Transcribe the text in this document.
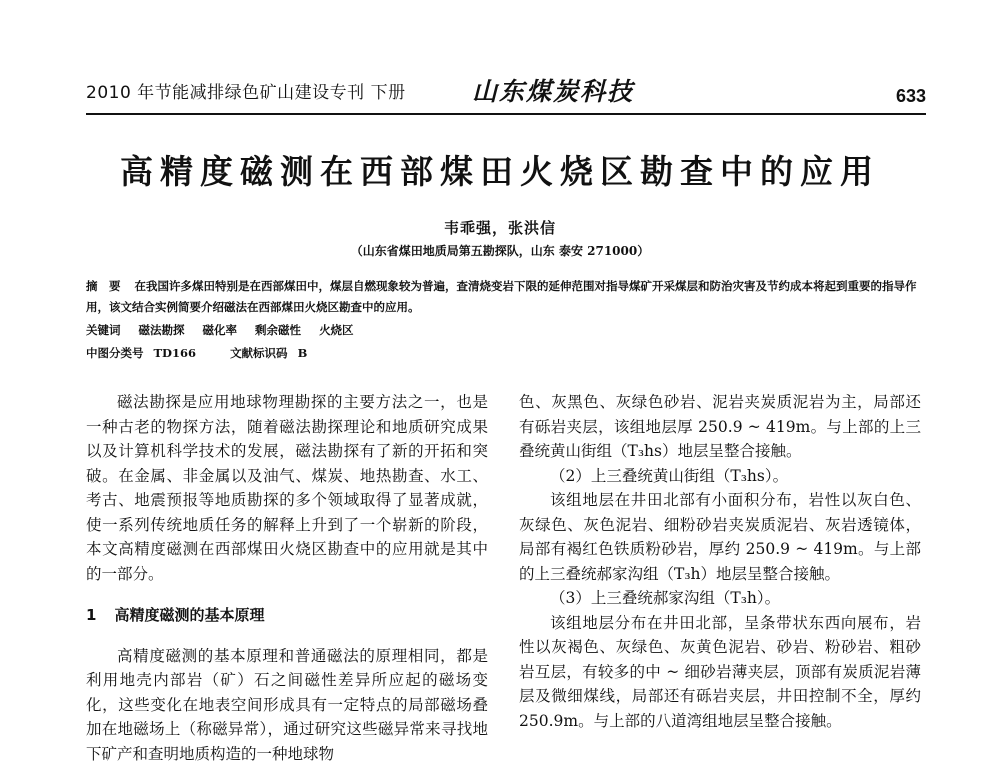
2010 年节能减排绿色矿山建设专刊 下册	山东煤炭科技	633
高精度磁测在西部煤田火烧区勘查中的应用
韦乖强，张洪信
（山东省煤田地质局第五勘探队，山东 泰安 271000）
摘　要 在我国许多煤田特别是在西部煤田中，煤层自燃现象较为普遍，查清烧变岩下限的延伸范围对指导煤矿开采煤层和防治灾害及节约成本将起到重要的指导作用，该文结合实例简要介绍磁法在西部煤田火烧区勘查中的应用。
关键词 磁法勘探 磁化率 剩余磁性 火烧区
中图分类号 TD166	文献标识码 B

磁法勘探是应用地球物理勘探的主要方法之一，也是一种古老的物探方法，随着磁法勘探理论和地质研究成果以及计算机科学技术的发展，磁法勘探有了新的开拓和突破。在金属、非金属以及油气、煤炭、地热勘查、水工、考古、地震预报等地质勘探的多个领域取得了显著成就，使一系列传统地质任务的解释上升到了一个崭新的阶段，本文高精度磁测在西部煤田火烧区勘查中的应用就是其中的一部分。

1 高精度磁测的基本原理

高精度磁测的基本原理和普通磁法的原理相同，都是利用地壳内部岩（矿）石之间磁性差异所应起的磁场变化，这些变化在地表空间形成具有一定特点的局部磁场叠加在地磁场上（称磁异常），通过研究这些磁异常来寻找地下矿产和查明地质构造的一种地球物

色、灰黑色、灰绿色砂岩、泥岩夹炭质泥岩为主，局部还有砾岩夹层，该组地层厚 250.9 ~ 419m。与上部的上三叠统黄山街组（T₃hs）地层呈整合接触。

（2）上三叠统黄山街组（T₃hs）。

该组地层在井田北部有小面积分布，岩性以灰白色、灰绿色、灰色泥岩、细粉砂岩夹炭质泥岩、灰岩透镜体，局部有褐红色铁质粉砂岩，厚约 250.9 ~ 419m。与上部的上三叠统郝家沟组（T₃h）地层呈整合接触。

（3）上三叠统郝家沟组（T₃h）。

该组地层分布在井田北部，呈条带状东西向展布，岩性以灰褐色、灰绿色、灰黄色泥岩、砂岩、粉砂岩、粗砂岩互层，有较多的中 ~ 细砂岩薄夹层，顶部有炭质泥岩薄层及微细煤线，局部还有砾岩夹层，井田控制不全，厚约 250.9m。与上部的八道湾组地层呈整合接触。
